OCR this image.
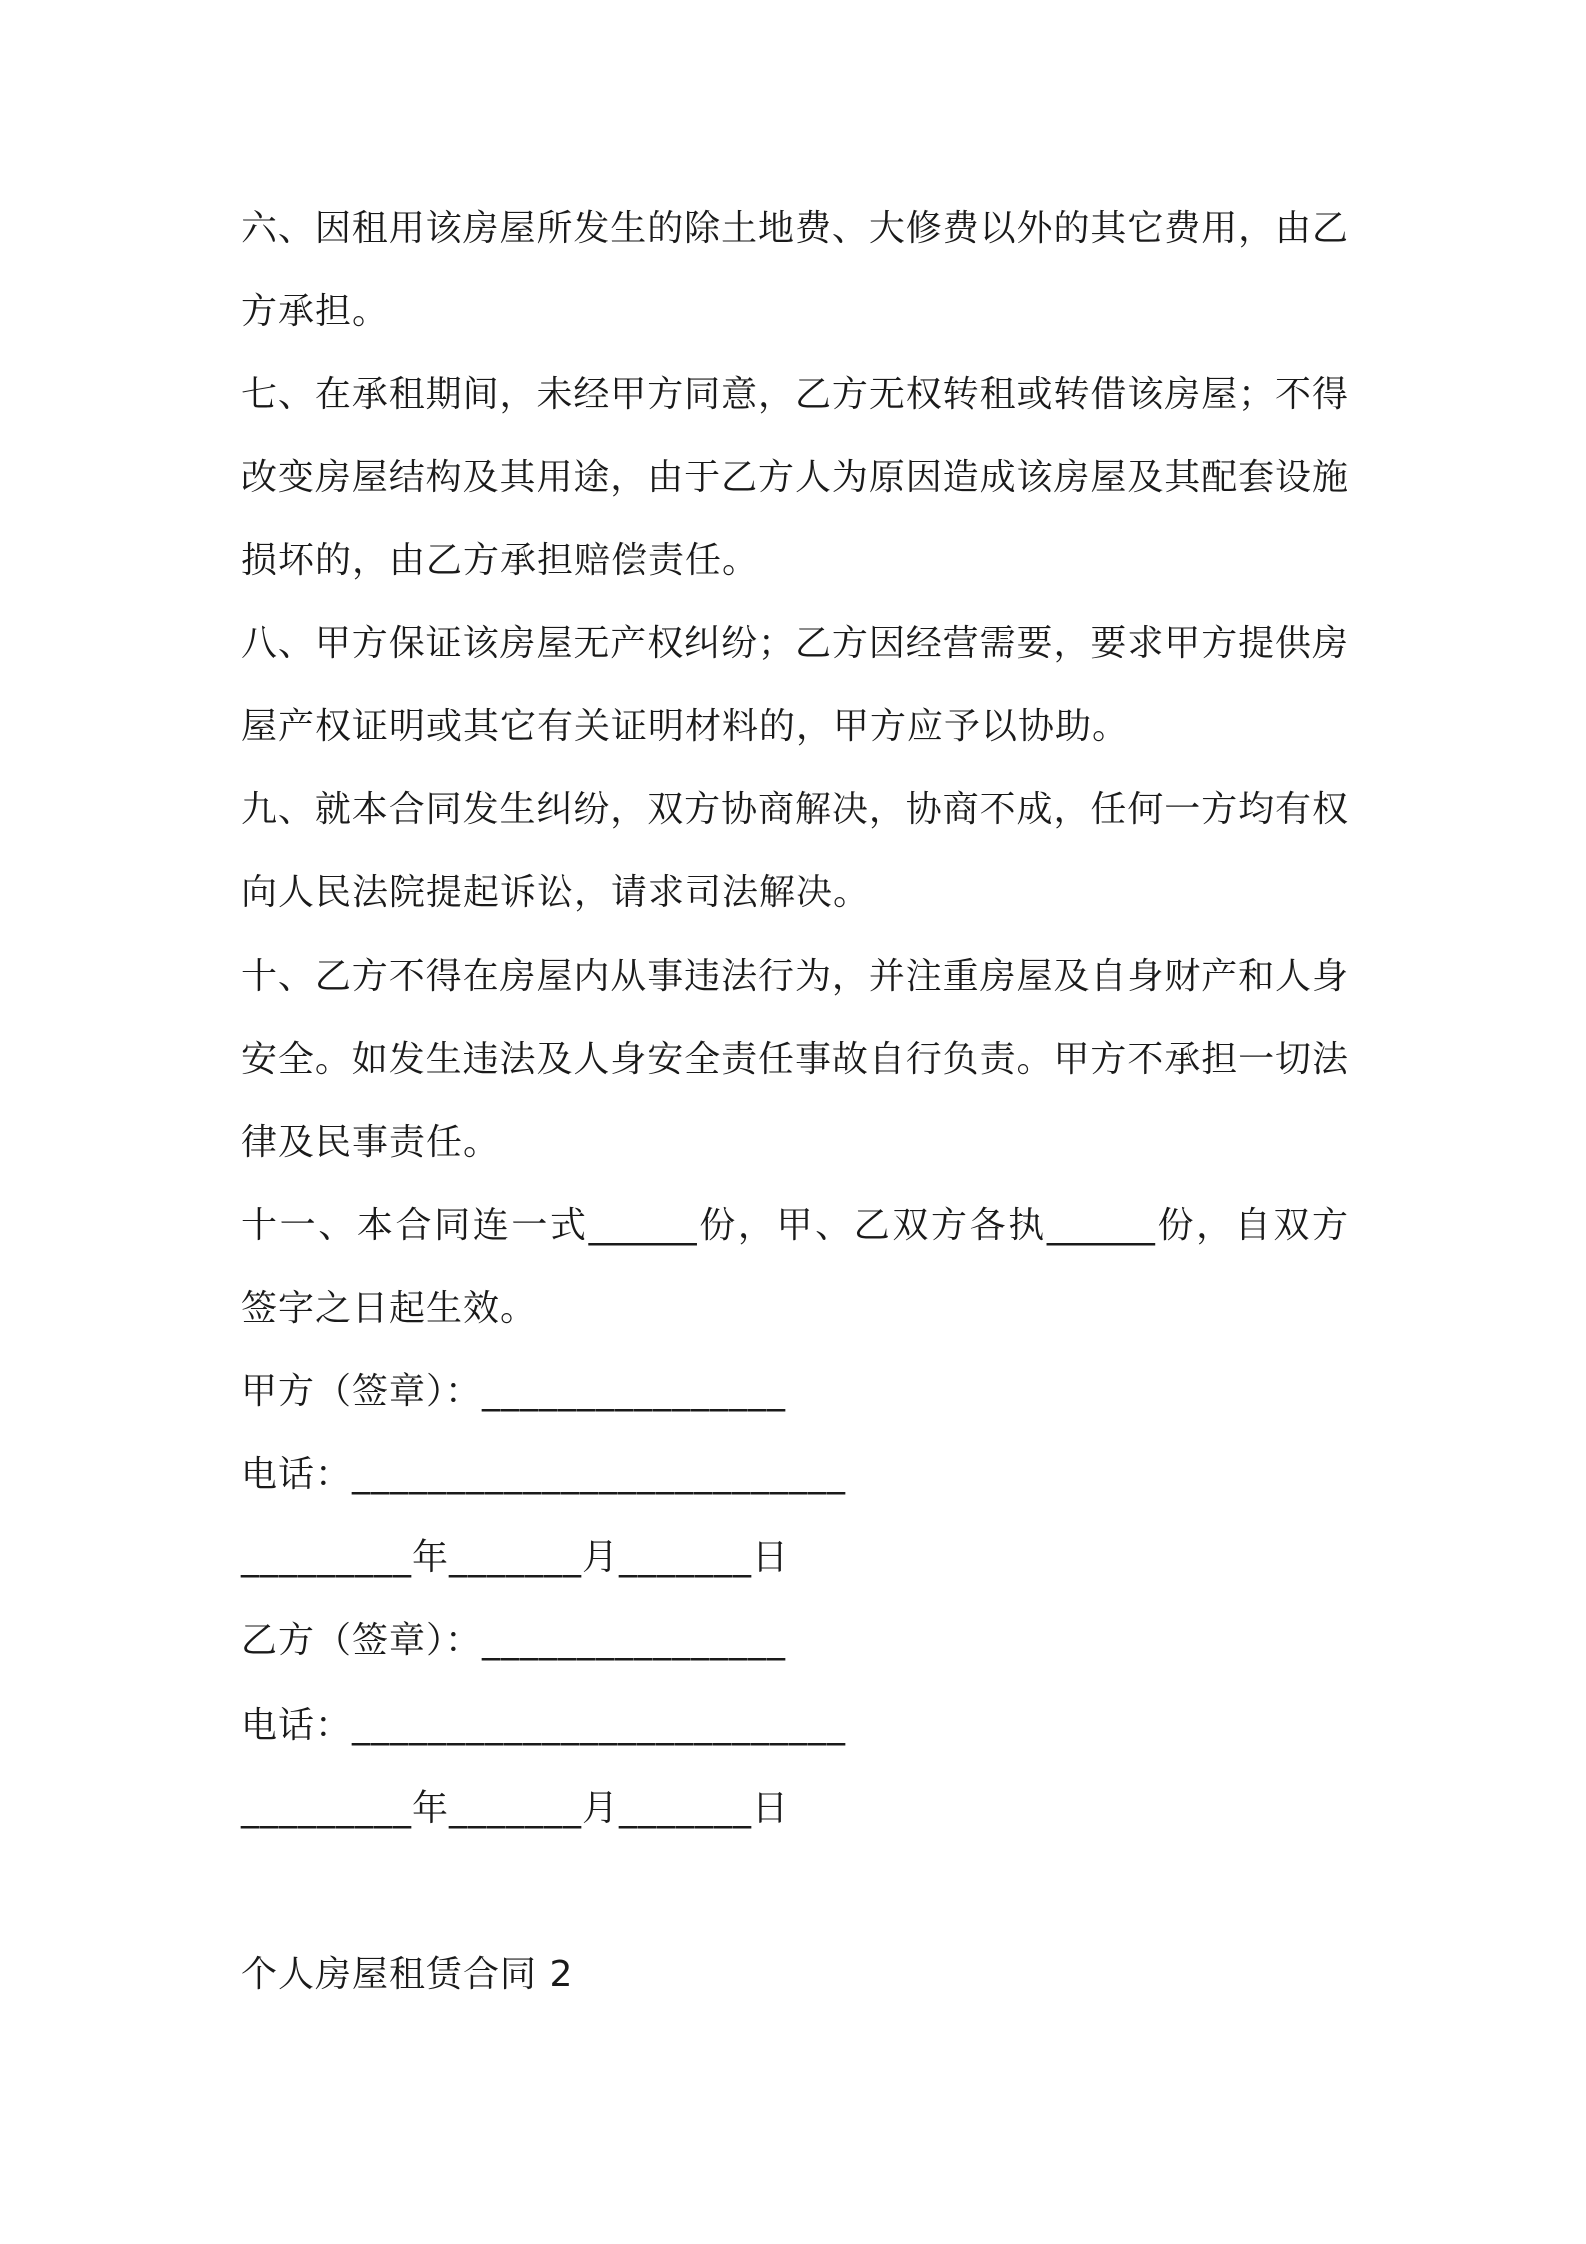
六、因租用该房屋所发生的除土地费、大修费以外的其它费用，由乙
方承担。
七、在承租期间，未经甲方同意，乙方无权转租或转借该房屋；不得
改变房屋结构及其用途，由于乙方人为原因造成该房屋及其配套设施
损坏的，由乙方承担赔偿责任。
八、甲方保证该房屋无产权纠纷；乙方因经营需要，要求甲方提供房
屋产权证明或其它有关证明材料的，甲方应予以协助。
九、就本合同发生纠纷，双方协商解决，协商不成，任何一方均有权
向人民法院提起诉讼，请求司法解决。
十、乙方不得在房屋内从事违法行为，并注重房屋及自身财产和人身
安全。如发生违法及人身安全责任事故自行负责。甲方不承担一切法
律及民事责任。
十一、本合同连一式______份，甲、乙双方各执______份，自双方
签字之日起生效。
甲方（签章）：________________
电话：__________________________
_________年_______月_______日
乙方（签章）：________________
电话：__________________________
_________年_______月_______日
个人房屋租赁合同 2
